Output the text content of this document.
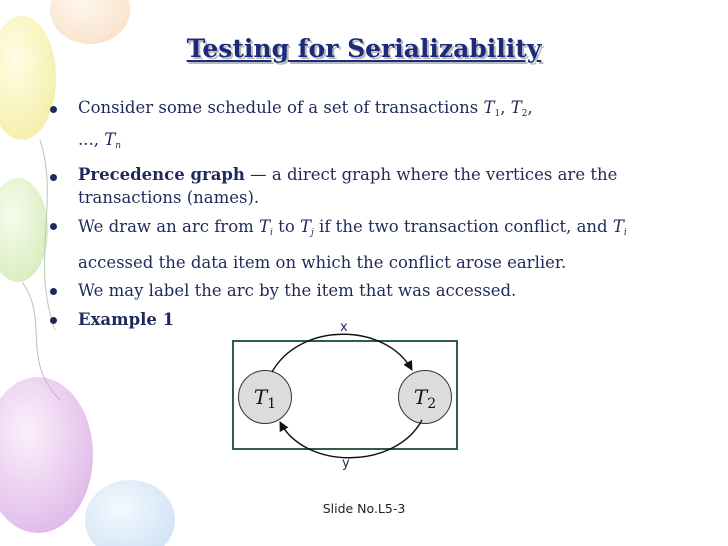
Testing for Serializability

Consider some schedule of a set of transactions T1, T2,
..., $T_n$

Precedence graph — a direct graph where the vertices are the transactions (names).

We draw an arc from $T_i$ to $T_j$ if the two transaction conflict, and $T_i$ accessed the data item on which the conflict arose earlier.

We may label the arc by the item that was accessed.

Example 1

$T_1$	$T_2$
x
y
Slide No.L5-3
